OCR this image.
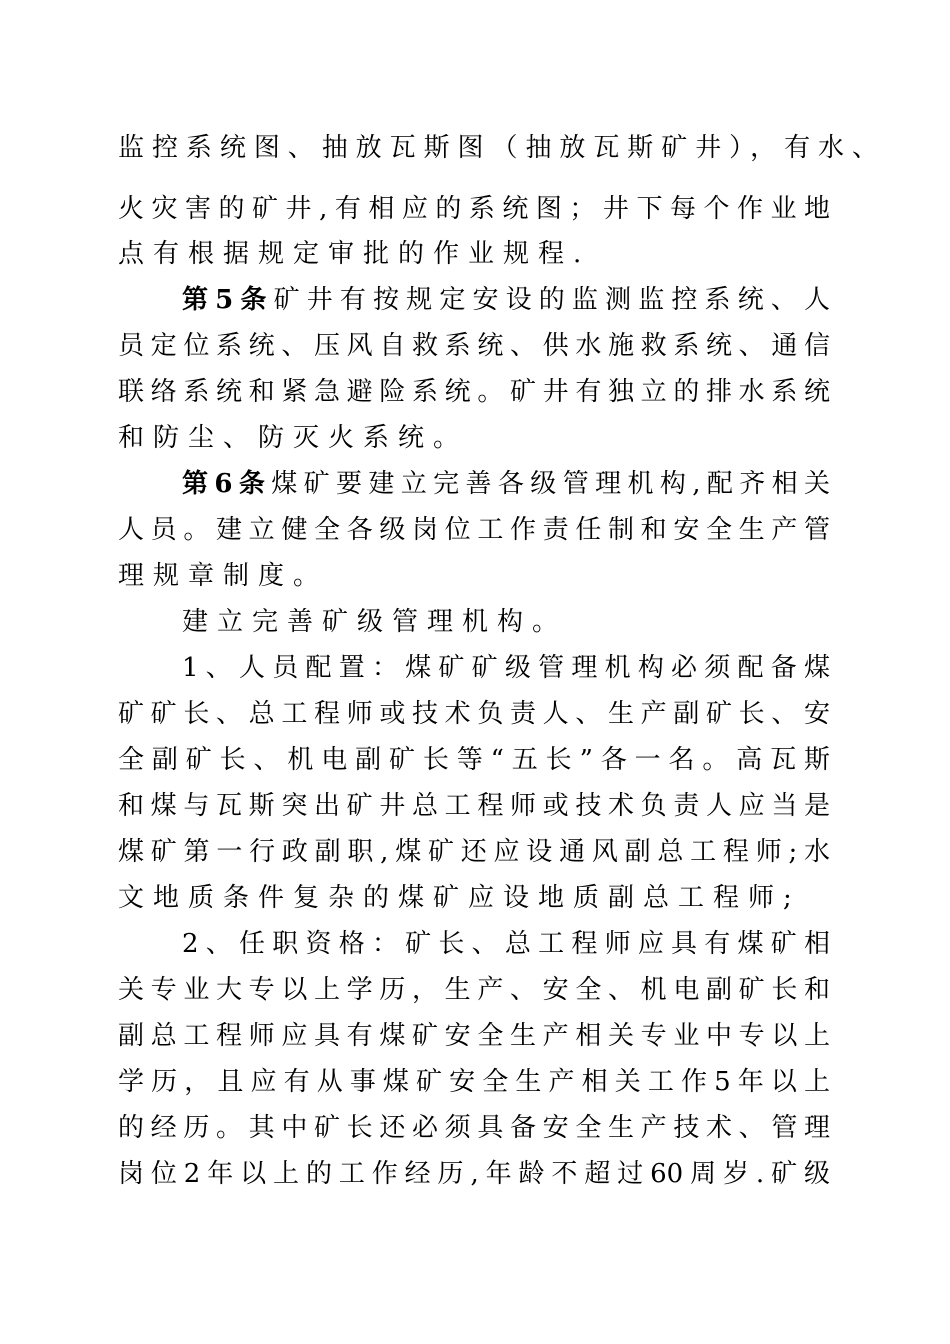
监控系统图、抽放瓦斯图（抽放瓦斯矿井），有水、
火灾害的矿井,有相应的系统图；井下每个作业地
点有根据规定审批的作业规程.
第5条矿井有按规定安设的监测监控系统、人
员定位系统、压风自救系统、供水施救系统、通信
联络系统和紧急避险系统。矿井有独立的排水系统
和防尘、防灭火系统。
第6条煤矿要建立完善各级管理机构,配齐相关
人员。建立健全各级岗位工作责任制和安全生产管
理规章制度。
建立完善矿级管理机构。
1、人员配置：煤矿矿级管理机构必须配备煤
矿矿长、总工程师或技术负责人、生产副矿长、安
全副矿长、机电副矿长等“五长”各一名。高瓦斯
和煤与瓦斯突出矿井总工程师或技术负责人应当是
煤矿第一行政副职,煤矿还应设通风副总工程师;水
文地质条件复杂的煤矿应设地质副总工程师;
2、任职资格：矿长、总工程师应具有煤矿相
关专业大专以上学历，生产、安全、机电副矿长和
副总工程师应具有煤矿安全生产相关专业中专以上
学历，且应有从事煤矿安全生产相关工作5年以上
的经历。其中矿长还必须具备安全生产技术、管理
岗位2年以上的工作经历,年龄不超过60周岁.矿级
